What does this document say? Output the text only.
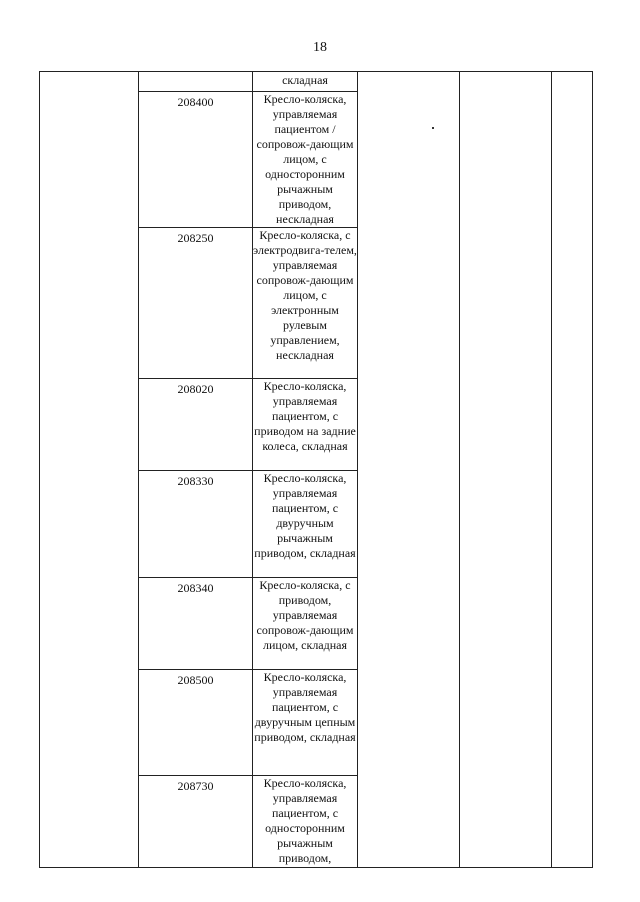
18
		складная			
	208400	Кресло-коляска, управляемая пациентом /сопровож-дающим лицом, с односторонним рычажным приводом, нескладная			
	208250	Кресло-коляска, с электродвига-телем, управляемая сопровож-дающим лицом, с электронным рулевым управлением, нескладная			
	208020	Кресло-коляска, управляемая пациентом, с приводом на задние колеса, складная			
	208330	Кресло-коляска, управляемая пациентом, с двуручным рычажным приводом, складная			
	208340	Кресло-коляска, с приводом, управляемая сопровож-дающим лицом, складная			
	208500	Кресло-коляска, управляемая пациентом, с двуручным цепным приводом, складная			
	208730	Кресло-коляска, управляемая пациентом, с односторонним рычажным приводом,			
